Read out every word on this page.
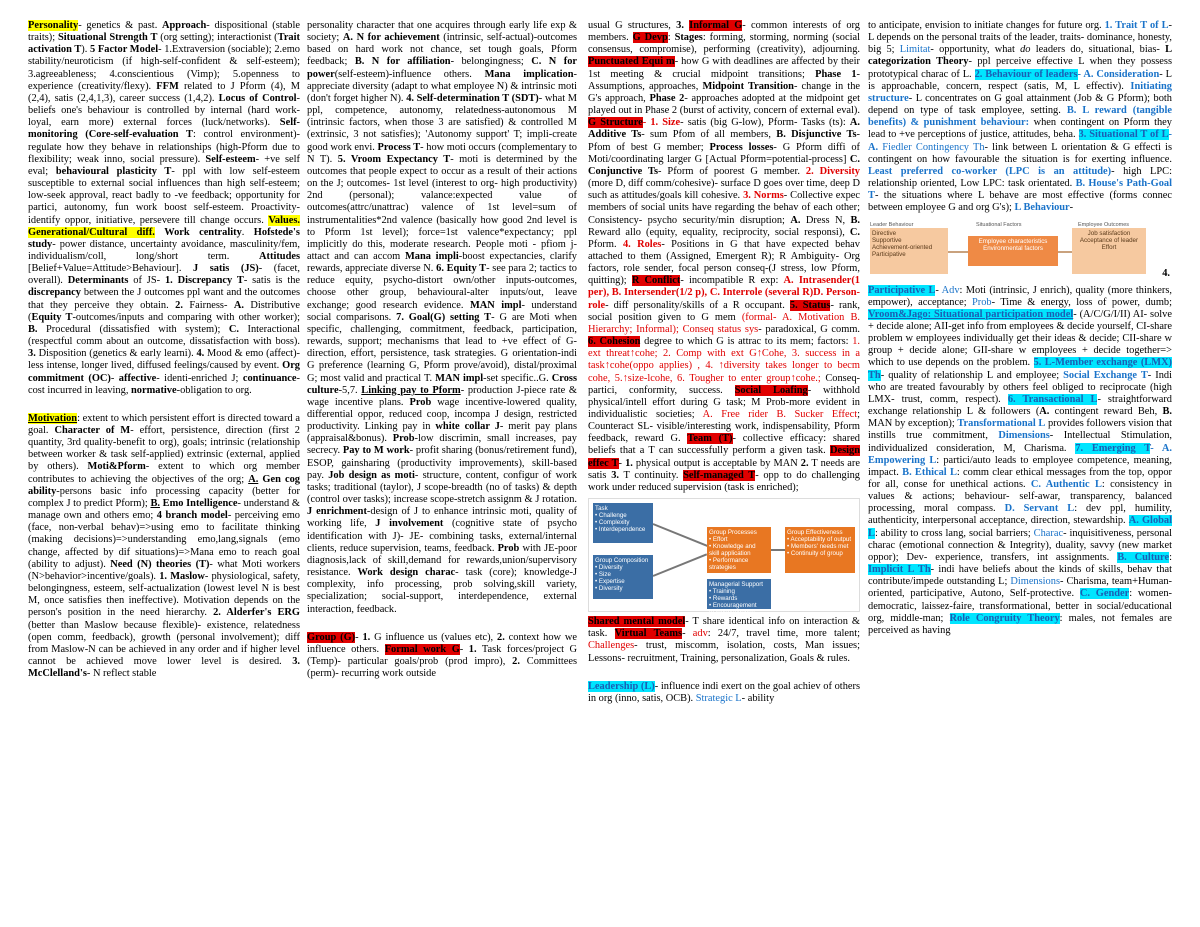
Personality- genetics & past. Approach- dispositional (stable traits); Situational Strength T (org setting); interactionist (Trait activation T). 5 Factor Model- 1.Extraversion (sociable); 2.emo stability/neuroticism (if high-self-confident & self-esteem); 3.agreeableness; 4.conscientious (Vimp); 5.openness to experience (creativity/flexy). FFM related to J Pform (4), M (2,4), satis (2,4,1,3), career success (1,4,2). Locus of Control- beliefs one's behaviour is controlled by internal (hard work- loyal, earn more) external forces (luck/networks). Self-monitoring (Core-self-evaluation T: control environment)- regulate how they behave in relationships (high-Pform due to flexibility; weak inno, social pressure). Self-esteem- +ve self eval; behavioural plasticity T- ppl with low self-esteem susceptible to external social influences than high self-esteem; low-seek approval, react badly to -ve feedback; opportunity for partici, autonomy, fun work boost self-esteem. Proactivity- identify oppor, initiative, persevere till change occurs. Values. Generational/Cultural diff. Work centrality. Hofstede's study- power distance, uncertainty avoidance, masculinity/fem, individualism/coll, long/short term. Attitudes [Belief+Value=Attitude>Behaviour]. J satis (JS)- (facet, overall). Determinants of JS- 1. Discrepancy T- satis is the discrepancy between the J outcomes ppl want and the outcomes that they perceive they obtain. 2. Fairness- A. Distributive (Equity T-outcomes/inputs and comparing with other worker); B. Procedural (dissatisfied with system); C. Interactional (respectful comm about an outcome, dissatisfaction with boss). 3. Disposition (genetics & early learni). 4. Mood & emo (affect)- less intense, longer lived, diffused feelings/caused by event. Org commitment (OC)- affective- identi-enriched J; continuance-cost incurred in leaving, normative-obligation to org.

Motivation: extent to which persistent effort is directed toward a goal. Character of M- effort, persistence, direction (first 2 quantity, 3rd quality-benefit to org), goals; intrinsic (relationship between worker & task self-applied) extrinsic (external, applied by others). Moti&Pform- extent to which org member contributes to achieving the objectives of the org; A. Gen cog ability-persons basic info processing capacity (better for complex J to predict Pform); B. Emo Intelligence- understand & manage own and others emo; 4 branch model- perceiving emo (face, non-verbal behav)=>using emo to facilitate thinking (making decisions)=>understanding emo,lang,signals (emo change, affected by dif situations)=>Mana emo to reach goal (ability to adjust). Need (N) theories (T)- what Moti workers (N>behavior>incentive/goals). 1. Maslow- physiological, safety, belongingness, esteem, self-actualization (lowest level N is best M, once satisfies then ineffective). Motivation depends on the person's position in the need hierarchy. 2. Alderfer's ERG (better than Maslow because flexible)- existence, relatedness (open comm, feedback), growth (personal involvement); diff from Maslow-N can be achieved in any order and if higher level cannot be achieved move lower level is desired. 3. McClelland's- N reflect stable

personality character that one acquires through early life exp & society; A. N for achievement (intrinsic, self-actual)-outcomes based on hard work not chance, set tough goals, Pform feedback; B. N for affiliation- belongingness; C. N for power(self-esteem)-influence others. Mana implication- appreciate diversity (adapt to what employee N) & intrinsic moti (don't forget higher N). 4. Self-determination T (SDT)- what M ppl, competence, autonomy, relatedness-autonomous M (intrinsic factors, when those 3 are satisfied) & controlled M (extrinsic, 3 not satisfies); 'Autonomy support' T; impli-create good work envi. Process T- how moti occurs (complementary to N T). 5. Vroom Expectancy T- moti is determined by the outcomes that people expect to occur as a result of their actions on the J; outcomes- 1st level (interest to org- high productivity) 2nd (personal); valance:expected value of outcomes(attrc/unattrac) valence of 1st level=sum of instrumentalities*2nd valence (basically how good 2nd level is to Pform 1st level); force=1st valence*expectancy; ppl implicitly do this, moderate research. People moti - pfiom j- attact and can accom Mana impli-boost expectancies, clarify rewards, appreciate diverse N. 6. Equity T- see para 2; tactics to reduce equity, psycho-distort own/other inputs-outcomes, choose other group, behavioural-alter inputs/out, leave exchange; good research evidence. MAN impl- understand social comparisons. 7. Goal(G) setting T- G are Moti when specific, challenging, commitment, feedback, participation, rewards, support; mechanisms that lead to +ve effect of G-direction, effort, persistence, task strategies. G orientation-indi G preference (learning G, Pform prove/avoid), distal/proximal G; most valid and practical T. MAN impl-set specific..G. Cross culture-5,7. Linking pay to Pform- production J-piece rate & wage incentive plans. Prob wage incentive-lowered quality, differential oppor, reduced coop, incompa J design, restricted productivity. Linking pay in white collar J- merit pay plans (appraisal&bonus). Prob-low discrimin, small increases, pay secrecy. Pay to M work- profit sharing (bonus/retirement fund), ESOP, gainsharing (productivity improvements), skill-based pay. Job design as moti- structure, content, configur of work tasks; traditional (taylor), J scope-breadth (no of tasks) & depth (control over tasks); increase scope-stretch assignm & J rotation. J enrichment-design of J to enhance intrinsic moti, quality of working life, J involvement (cognitive state of psycho identification with J)- JE- combining tasks, external/internal clients, reduce supervision, teams, feedback. Prob with JE-poor diagnosis,lack of skill,demand for rewards,union/supervisory resistance. Work design charac- task (core); knowledge-J complexity, info processing, prob solving,skill variety, specialization; social-support, interdependence, external interaction, feedback.

Group (G)- 1. G influence us (values etc), 2. context how we influence others. Formal work G- 1. Task forces/project G (Temp)- particular goals/prob (prod impro), 2. Committees (perm)- recurring work outside

usual G structures, 3. Informal G- common interests of org members. G Devp: Stages: forming, storming, norming (social consensus, compromise), performing (creativity), adjourning. Punctuated Equi m- how G with deadlines are affected by their 1st meeting & crucial midpoint transitions; Phase 1- Assumptions, approaches, Midpoint Transition- change in the G's approach, Phase 2- approaches adopted at the midpoint get played out in Phase 2 (burst of activity, concern of external eval). G Structure- 1. Size- satis (big G-low), Pform- Tasks (ts): A. Additive Ts- sum Pfom of all members, B. Disjunctive Ts- Pfom of best G member; Process losses- G Pform diffi of Moti/coordinating larger G [Actual Pform=potential-process] C. Conjunctive Ts- Pform of poorest G member. 2. Diversity (more D, diff comm/cohesive)- surface D goes over time, deep D such as attitudes/goals kill cohesive. 3. Norms- Collective expec members of social units have regarding the behav of each other; Consistency- psycho security/min disruption; A. Dress N, B. Reward allo (equity, equality, reciprocity, social responsi), C. Pform. 4. Roles- Positions in G that have expected behav attached to them (Assigned, Emergent R); R Ambiguity- Org factors, role sender, focal person conseq-(J stress, low Pform, quitting); R Conflict- incompatible R exp: A. Intrasender(1 per), B. Intersender(1/2 p), C. Interrole (several R)D. Person-role- diff personality/skills of a R occupant. 5. Status- rank, social position given to G mem (formal- A. Motivation B. Hierarchy; Informal); Conseq status sys- paradoxical, G comm. 6. Cohesion degree to which G is attrac to its mem; factors: 1. ext threat↑cohe; 2. Comp with ext G↑Cohe, 3. success in a task↑cohe(oppo applies) , 4. ↑diversity takes longer to becm cohe, 5.↑size-lcohe, 6. Tougher to enter group↑cohe.; Conseq- partici, conformity, success. Social Loafing- withhold physical/intell effort during G task; M Prob-more evident in individualistic societies; A. Free rider B. Sucker Effect; Counteract SL- visible/interesting work, indispensability, Pform feedback, reward G. Team (T)- collective efficacy: shared beliefs that a T can successfully perform a given task. Design effec T- 1. physical output is acceptable by MAN 2. T needs are satis 3. T continuity. Self-managed T- opp to do challenging work under reduced supervision (task is enriched);

Task
• Challenge
• Complexity
• Interdependence
Group Composition
• Diversity
• Size
• Expertise
• Diversity
Group Processes
• Effort
• Knowledge and
skill application
• Performance
strategies
Group Effectiveness
• Acceptability of output
• Members' needs met
• Continuity of group
Managerial Support
• Training
• Rewards
• Encouragement
of independence

Shared mental model- T share identical info on interaction & task. Virtual Teams- adv: 24/7, travel time, more talent; Challenges- trust, miscomm, isolation, costs, Man issues; Lessons- recruitment, Training, personalization, Goals & rules.

Leadership (L)- influence indi exert on the goal achiev of others in org (inno, satis, OCB). Strategic L- ability

to anticipate, envision to initiate changes for future org. 1. Trait T of L- L depends on the personal traits of the leader, traits- dominance, honesty, big 5; Limitat- opportunity, what do leaders do, situational, bias- L categorization Theory- ppl perceive effective L when they possess prototypical charac of L. 2. Behaviour of leaders- A. Consideration- L is approachable, concern, respect (satis, M, L effectiv). Initiating structure- L concentrates on G goal attainment (Job & G Pform); both depend on type of task employee, setting. B. L reward (tangible benefits) & punishment behaviour: when contingent on Pform they lead to +ve perceptions of justice, attitudes, beha. 3. Situational T of L- A. Fiedler Contingency Th- link between L orientation & G effecti is contingent on how favourable the situation is for exerting influence. Least preferred co-worker (LPC is an attitude)- high LPC: relationship oriented, Low LPC: task orientated. B. House's Path-Goal T- the situations where L behave are most effective (forms connec between employee G and org G's); L Behaviour-

Leader Behaviour	Situational Factors	Employee Outcomes
Directive
Supportive
Achievement-oriented
Participative
Employee characteristics
Environmental factors
Job satisfaction
Acceptance of leader
Effort
4.

Participative L- Adv: Moti (intrinsic, J enrich), quality (more thinkers, empower), acceptance; Prob- Time & energy, loss of power, dumb; Vroom&Jago: Situational participation model- (A/C/G/I/II) AI- solve + decide alone; AII-get info from employees & decide yourself, CI-share problem w employees individually get their ideas & decide; CII-share w group + decide alone; GII-share w employees + decide together=> which to use depends on the problem. 5. L-Member exchange (LMX) Th- quality of relationship L and employee; Social Exchange T- Indi who are treated favourably by others feel obliged to reciprocate (high LMX- trust, comm, respect). 6. Transactional L- straightforward exchange relationship L & followers (A. contingent reward Beh, B. MAN by exception); Transformational L provides followers vision that instills true commitment, Dimensions- Intellectual Stimulation, individualized consideration, M, Charisma. 7. Emerging T- A. Empowering L: partici/auto leads to employee competence, meaning, impact. B. Ethical L: comm clear ethical messages from the top, oppor for all, conse for unethical actions. C. Authentic L: consistency in values & actions; behaviour- self-awar, transparency, balanced processing, moral compass. D. Servant L: dev ppl, humility, authenticity, interpersonal acceptance, direction, stewardship. A. Global L: ability to cross lang, social barriers; Charac- inquisitiveness, personal charac (emotional connection & Integrity), duality, savvy (new market oppor); Dev- experience, transfers, int assignments. B. Culture: Implicit L Th- indi have beliefs about the kinds of skills, behav that contribute/impede outstanding L; Dimensions- Charisma, team+Human-oriented, participative, Autono, Self-protective. C. Gender: women-democratic, laissez-faire, transformational, better in social/educational org, middle-man; Role Congruity Theory: males, not females are perceived as having
